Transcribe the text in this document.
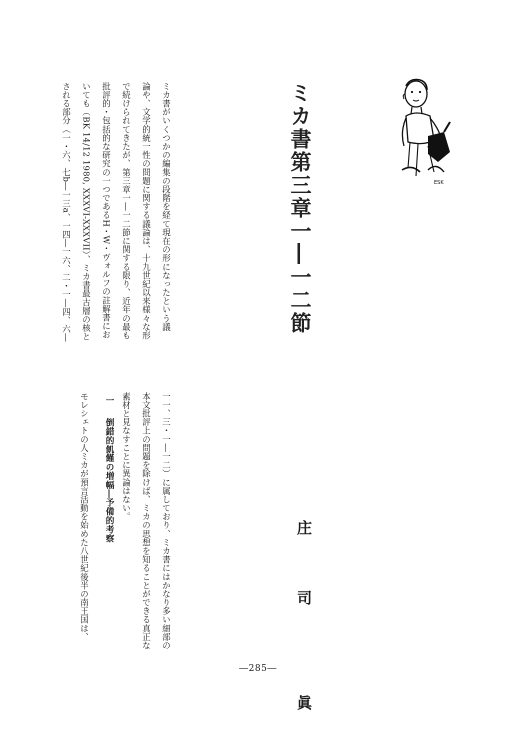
ESK
ミカ書第三章一―一二節
庄　司　　眞
ミカ書がいくつかの編集の段階を経て現在の形になったという議
論や、文学的統一性の問題に関する議論は、十九世紀以来様々な形
で続けられてきたが、第三章一―一二節に関する限り、近年の最も
批評的・包括的な研究の一つであるH・W・ヴォルフの註解書にお
いても（BK 14/12 1980, XXXVI-XXXVII）、ミカ書最古層の核と
される部分（一・六、七b―一三a、一四―一六、二・一―四、六―
一一、三・一―一二）に属しており、ミカ書にはかなり多い細部の
本文批評上の問題を除けば、ミカの思想を知ることができる真正な
素材と見なすことに異論はない。
一
倒錯的飢饉の増幅―予備的考察
モレシェトの人ミカが預言活動を始めた八世紀後半の南王国は、
―285―
